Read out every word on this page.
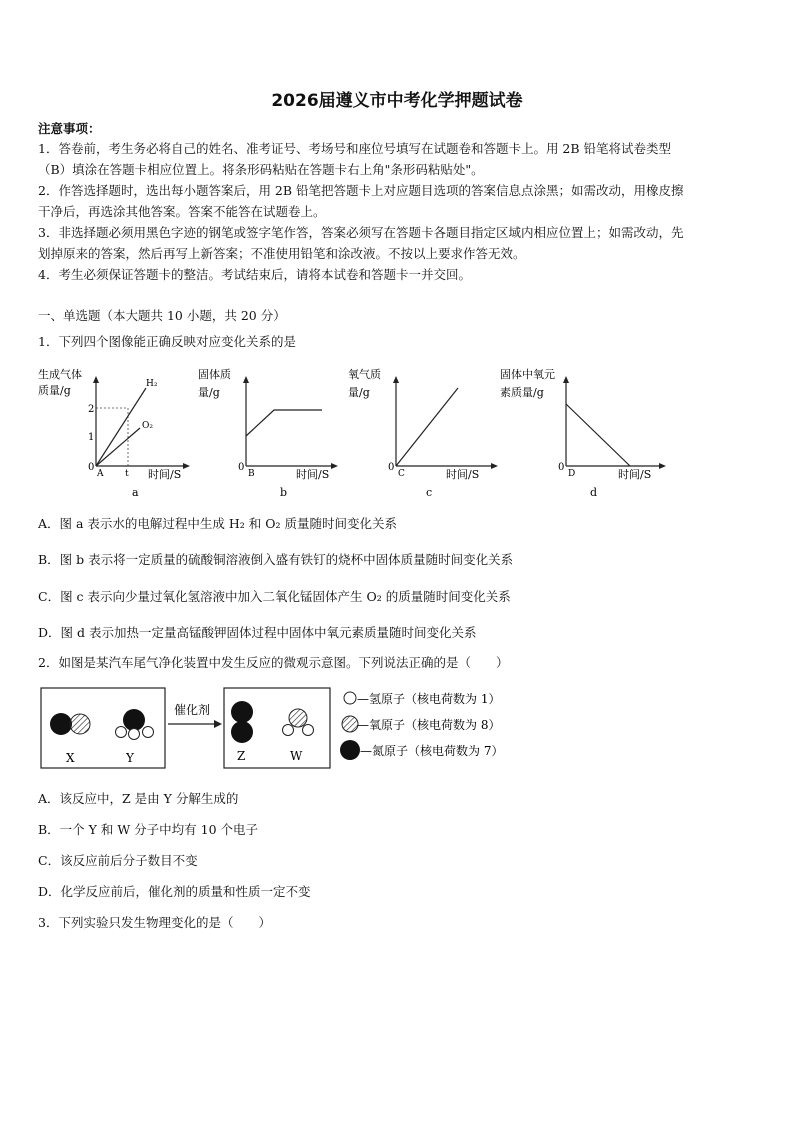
2026届遵义市中考化学押题试卷
注意事项：
1．答卷前，考生务必将自己的姓名、准考证号、考场号和座位号填写在试题卷和答题卡上。用 2B 铅笔将试卷类型
（B）填涂在答题卡相应位置上。将条形码粘贴在答题卡右上角"条形码粘贴处"。
2．作答选择题时，选出每小题答案后，用 2B 铅笔把答题卡上对应题目选项的答案信息点涂黑；如需改动，用橡皮擦
干净后，再选涂其他答案。答案不能答在试题卷上。
3．非选择题必须用黑色字迹的钢笔或签字笔作答，答案必须写在答题卡各题目指定区域内相应位置上；如需改动，先
划掉原来的答案，然后再写上新答案；不准使用铅笔和涂改液。不按以上要求作答无效。
4．考生必须保证答题卡的整洁。考试结束后，请将本试卷和答题卡一并交回。
一、单选题（本大题共 10 小题，共 20 分）
1．下列四个图像能正确反映对应变化关系的是
生成气体
质量/g	H₂
O₂
2
1
0
A t 时间/S
a
固体质
量/g
0
B	时间/S
b
氧气质
量/g
0
C	时间/S
c
固体中氧元
素质量/g
0
D	时间/S
d
A．图 a 表示水的电解过程中生成 H₂ 和 O₂ 质量随时间变化关系
B．图 b 表示将一定质量的硫酸铜溶液倒入盛有铁钉的烧杯中固体质量随时间变化关系
C．图 c 表示向少量过氧化氢溶液中加入二氧化锰固体产生 O₂ 的质量随时间变化关系
D．图 d 表示加热一定量高锰酸钾固体过程中固体中氧元素质量随时间变化关系
2．如图是某汽车尾气净化装置中发生反应的微观示意图。下列说法正确的是（　　）
X	Y
催化剂
Z	W
—氢原子（核电荷数为 1）
—氧原子（核电荷数为 8）
—氮原子（核电荷数为 7）
A．该反应中，Z 是由 Y 分解生成的
B．一个 Y 和 W 分子中均有 10 个电子
C．该反应前后分子数目不变
D．化学反应前后，催化剂的质量和性质一定不变
3．下列实验只发生物理变化的是（　　）
